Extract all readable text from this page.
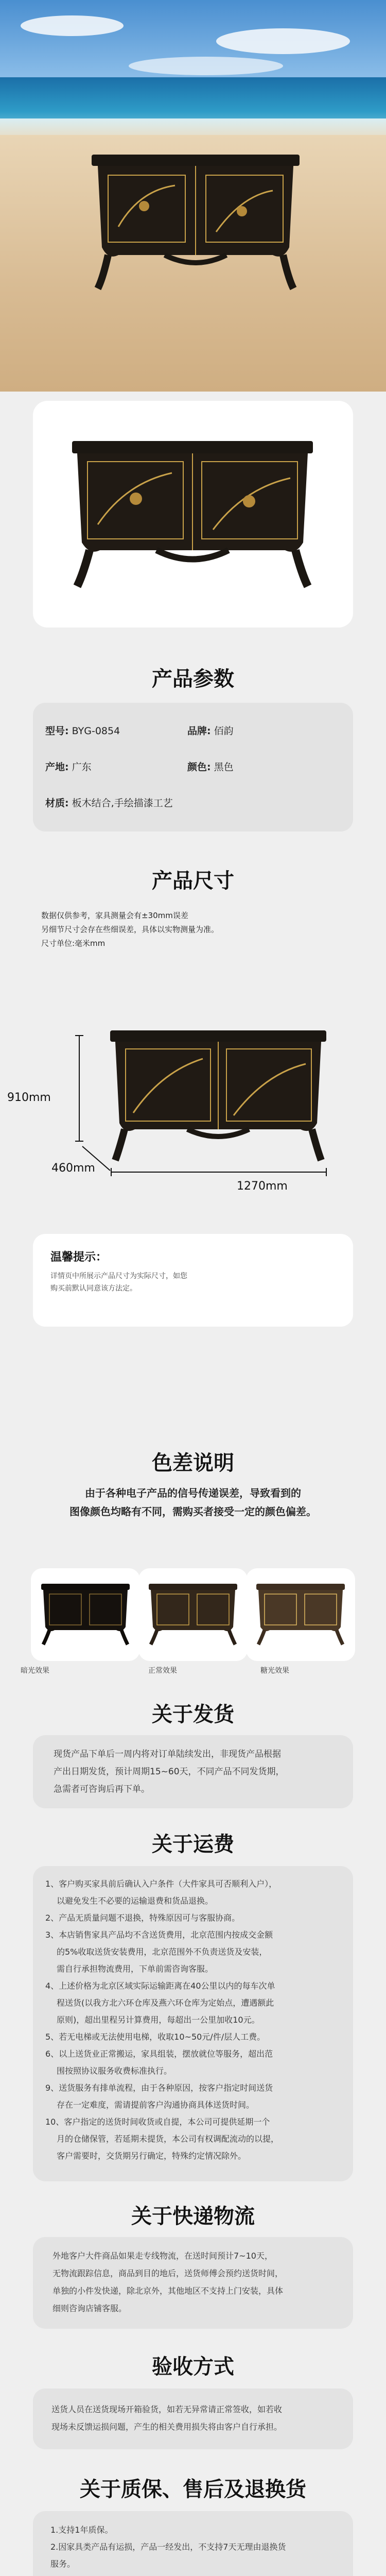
产品参数
型号: BYG-0854	品牌: 佰韵
产地: 广东	颜色: 黑色
材质: 板木结合,手绘描漆工艺
产品尺寸
数据仅供参考，家具测量会有±30mm误差
另细节尺寸会存在些细误差，具体以实物测量为准。
尺寸单位:毫米mm
910mm
460mm
1270mm
温馨提示：
详情页中所展示产品尺寸为实际尺寸，如您购买前默认同意该方法定。
色差说明
由于各种电子产品的信号传递误差，导致看到的
图像颜色均略有不同，需购买者接受一定的颜色偏差。
暗光效果	正常效果	糖光效果
关于发货
现货产品下单后一周内将对订单陆续发出，非现货产品根据
产出日期发货，预计周期15~60天，不同产品不同发货期，
急需者可咨询后再下单。
关于运费

1、客户购买家具前后确认入户条件（大件家具可否顺利入户），

以避免发生不必要的运输退费和货品退换。

2、产品无质量问题不退换，特殊原因可与客服协商。

3、本店销售家具产品均不含送货费用，北京范围内按成交金额

的5%收取送货安装费用，北京范围外不负责送货及安装，

需自行承担物流费用，下单前需咨询客服。

4、上述价格为北京区域实际运输距离在40公里以内的每车次单

程送货(以我方北六环仓库及燕六环仓库为定始点，遭遇额此

原则)，超出里程另计算费用，每超出一公里加收10元。

5、若无电梯或无法使用电梯，收取10~50元/件/层人工费。

6、以上送货业正常搬运，家具组装，摆放就位等服务，超出范

围按照协议服务收费标准执行。

9、送货服务有排单流程，由于各种原因，按客户指定时间送货

存在一定难度，需请提前客户沟通协商具体送货时间。

10、客户指定的送货时间收货或自提，本公司可提供延期一个

月的仓储保管，若延期未提货，本公司有权调配流动的以提，

客户需要时，交货期另行确定，特殊约定情况除外。

关于快递物流
外地客户大件商品如果走专线物流，在送时间预计7~10天，
无物流跟踪信息，商品到目的地后，送货师傅会预约送货时间，
单独的小件发快递，除北京外，其他地区不支持上门安装，具体
细则咨询店铺客服。
验收方式
送货人员在送货现场开箱验货，如若无异常请正常签收，如若收
现场未反馈运损问题，产生的相关费用损失将由客户自行承担。
关于质保、售后及退换货

1.支持1年质保。

2.因家具类产品有运损，产品一经发出，不支持7天无理由退换货

服务。
